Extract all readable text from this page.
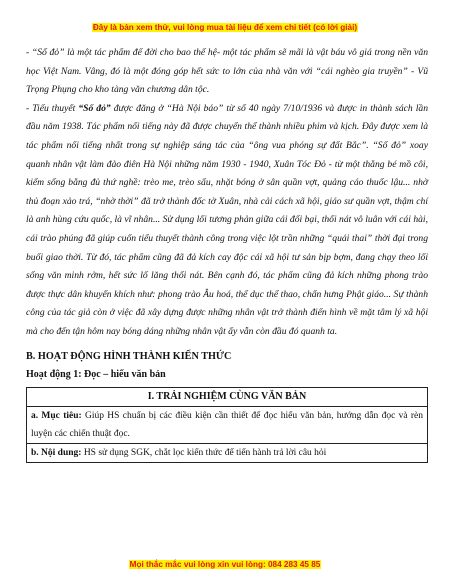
Đây là bản xem thử, vui lòng mua tài liệu để xem chi tiết (có lời giải)

- “Số đỏ” là một tác phẩm để đời cho bao thế hệ- một tác phẩm sẽ mãi là vật báu vô giá trong nền văn học Việt Nam. Vâng, đó là một đóng góp hết sức to lớn của nhà văn với “cái nghèo gia truyền” - Vũ Trọng Phụng cho kho tàng văn chương dân tộc.

- Tiểu thuyết “Số đỏ” được đăng ở “Hà Nội báo” từ số 40 ngày 7/10/1936 và được in thành sách lần đầu năm 1938. Tác phẩm nổi tiếng này đã được chuyển thể thành nhiều phim và kịch. Đây được xem là tác phẩm nổi tiếng nhất trong sự nghiệp sáng tác của “ông vua phóng sự đất Bắc”. “Số đỏ” xoay quanh nhân vật làm đảo điên Hà Nội những năm 1930 - 1940, Xuân Tóc Đỏ - từ một thằng bé mồ côi, kiếm sống bằng đủ thứ nghề: trèo me, trèo sấu, nhặt bóng ở sân quần vợt, quảng cáo thuốc lậu... nhờ thủ đoạn xảo trá, “nhờ thời” đã trở thành đốc tờ Xuân, nhà cải cách xã hội, giáo sư quần vợt, thậm chí là anh hùng cứu quốc, là vĩ nhân... Sử dụng lối tương phản giữa cái đối bại, thối nát vô luân với cái hài, cái trào phúng đã giúp cuốn tiểu thuyết thành công trong việc lột trần những “quái thai” thời đại trong buổi giao thời. Từ đó, tác phẩm cũng đã đả kích cay độc cái xã hội tư sản bịp bợm, đang chạy theo lối sống văn minh rởm, hết sức lố lăng thối nát. Bên cạnh đó, tác phẩm cũng đả kích những phong trào được thực dân khuyến khích như: phong trào Âu hoá, thể dục thể thao, chấn hưng Phật giáo... Sự thành công của tác giả còn ở việc đã xây dựng được những nhân vật trở thành điển hình về mặt tâm lý xã hội mà cho đến tận hôm nay bóng dáng những nhân vật ấy vẫn còn đầu đó quanh ta.

B. HOẠT ĐỘNG HÌNH THÀNH KIẾN THỨC

Hoạt động 1: Đọc – hiểu văn bản

I. TRẢI NGHIỆM CÙNG VĂN BẢN
a. Mục tiêu: Giúp HS chuẩn bị các điều kiện cần thiết để đọc hiểu văn bản, hướng dẫn đọc và rèn luyện các chiến thuật đọc.
b. Nội dung: HS sử dụng SGK, chắt lọc kiến thức để tiến hành trả lời câu hỏi
Mọi thắc mắc vui lòng xin vui lòng: 084 283 45 85
